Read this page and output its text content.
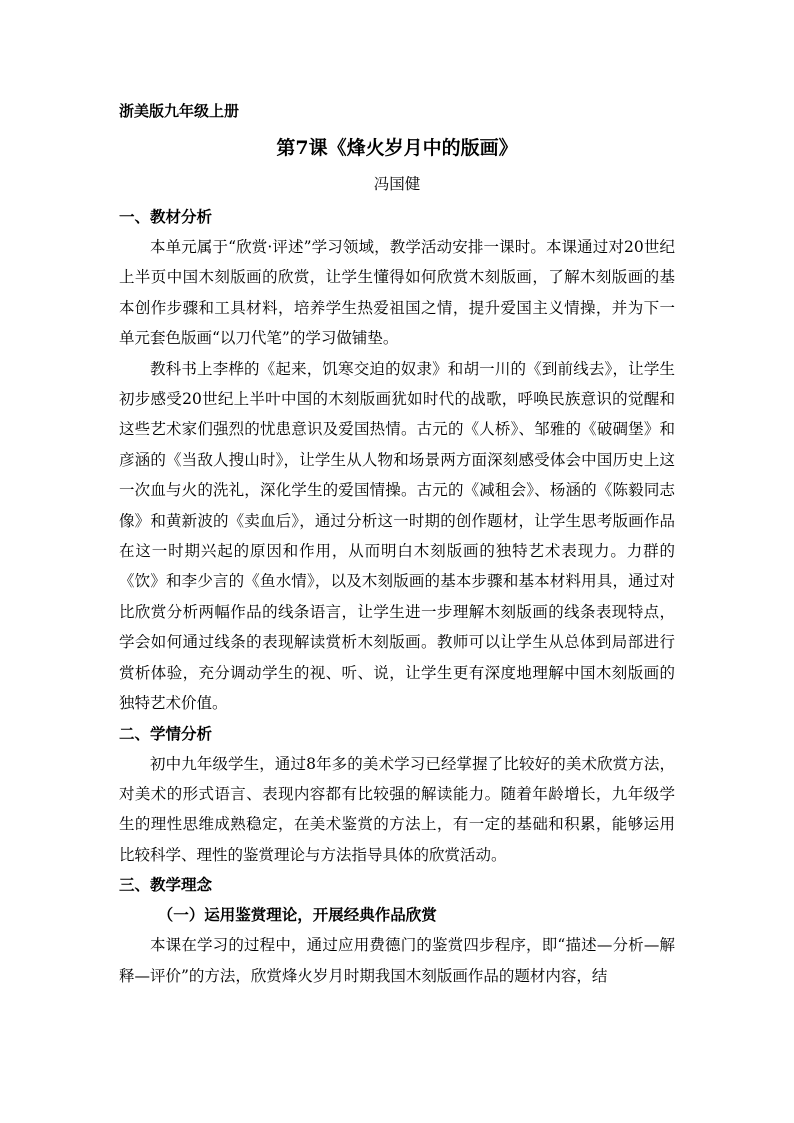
浙美版九年级上册

第7课《烽火岁月中的版画》

冯国健

一、教材分析

本单元属于“欣赏·评述”学习领域，教学活动安排一课时。本课通过对20世纪上半页中国木刻版画的欣赏，让学生懂得如何欣赏木刻版画，了解木刻版画的基本创作步骤和工具材料，培养学生热爱祖国之情，提升爱国主义情操，并为下一单元套色版画“以刀代笔”的学习做铺垫。

教科书上李桦的《起来，饥寒交迫的奴隶》和胡一川的《到前线去》，让学生初步感受20世纪上半叶中国的木刻版画犹如时代的战歌，呼唤民族意识的觉醒和这些艺术家们强烈的忧患意识及爱国热情。古元的《人桥》、邹雅的《破碉堡》和彦涵的《当敌人搜山时》，让学生从人物和场景两方面深刻感受体会中国历史上这一次血与火的洗礼，深化学生的爱国情操。古元的《减租会》、杨涵的《陈毅同志像》和黄新波的《卖血后》，通过分析这一时期的创作题材，让学生思考版画作品在这一时期兴起的原因和作用，从而明白木刻版画的独特艺术表现力。力群的《饮》和李少言的《鱼水情》，以及木刻版画的基本步骤和基本材料用具，通过对比欣赏分析两幅作品的线条语言，让学生进一步理解木刻版画的线条表现特点，学会如何通过线条的表现解读赏析木刻版画。教师可以让学生从总体到局部进行赏析体验，充分调动学生的视、听、说，让学生更有深度地理解中国木刻版画的独特艺术价值。

二、学情分析

初中九年级学生，通过8年多的美术学习已经掌握了比较好的美术欣赏方法，对美术的形式语言、表现内容都有比较强的解读能力。随着年龄增长，九年级学生的理性思维成熟稳定，在美术鉴赏的方法上，有一定的基础和积累，能够运用比较科学、理性的鉴赏理论与方法指导具体的欣赏活动。

三、教学理念
（一）运用鉴赏理论，开展经典作品欣赏

本课在学习的过程中，通过应用费德门的鉴赏四步程序，即“描述—分析—解释—评价”的方法，欣赏烽火岁月时期我国木刻版画作品的题材内容，结
